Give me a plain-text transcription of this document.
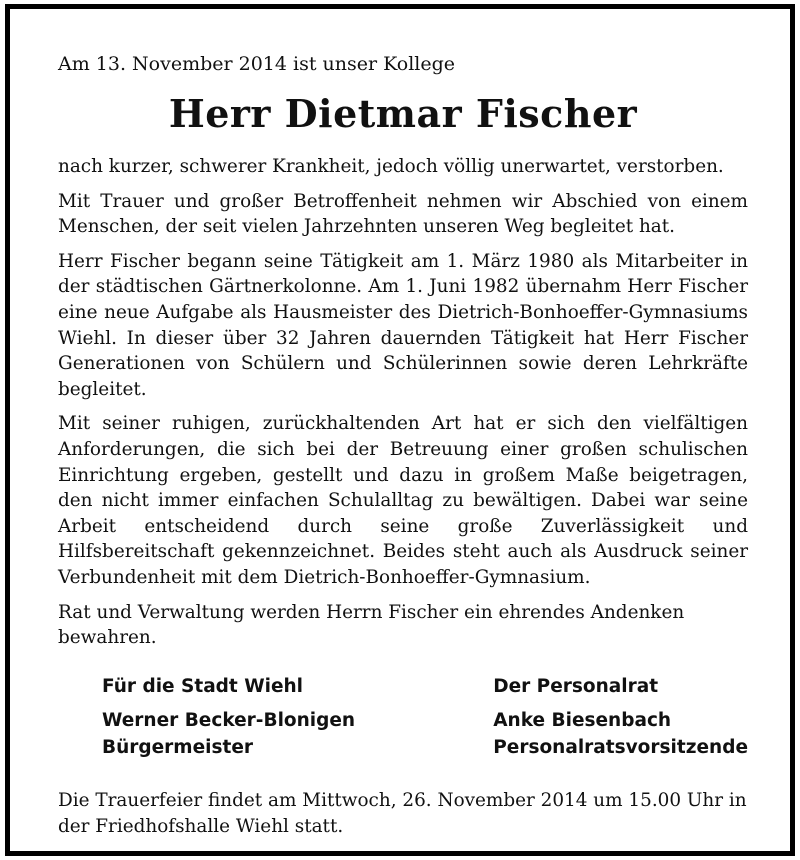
Am 13. November 2014 ist unser Kollege

Herr Dietmar Fischer

nach kurzer, schwerer Krankheit, jedoch völlig unerwartet, verstorben.

Mit Trauer und großer Betroffenheit nehmen wir Abschied von einem Menschen, der seit vielen Jahrzehnten unseren Weg begleitet hat.

Herr Fischer begann seine Tätigkeit am 1. März 1980 als Mitarbeiter in der städtischen Gärtnerkolonne. Am 1. Juni 1982 übernahm Herr Fischer eine neue Aufgabe als Hausmeister des Dietrich-Bonhoeffer-Gymnasiums Wiehl. In dieser über 32 Jahren dauernden Tätigkeit hat Herr Fischer Generationen von Schülern und Schülerinnen sowie deren Lehrkräfte begleitet.

Mit seiner ruhigen, zurückhaltenden Art hat er sich den vielfältigen Anforderungen, die sich bei der Betreuung einer großen schulischen Einrichtung ergeben, gestellt und dazu in großem Maße beigetragen, den nicht immer einfachen Schulalltag zu bewältigen. Dabei war seine Arbeit entscheidend durch seine große Zuverlässigkeit und Hilfsbereitschaft gekennzeichnet. Beides steht auch als Ausdruck seiner Verbundenheit mit dem Dietrich-Bonhoeffer-Gymnasium.

Rat und Verwaltung werden Herrn Fischer ein ehrendes Andenken bewahren.

Für die Stadt Wiehl

Werner Becker-Blonigen

Bürgermeister

Der Personalrat

Anke Biesenbach

Personalratsvorsitzende

Die Trauerfeier findet am Mittwoch, 26. November 2014 um 15.00 Uhr in der Friedhofshalle Wiehl statt.
